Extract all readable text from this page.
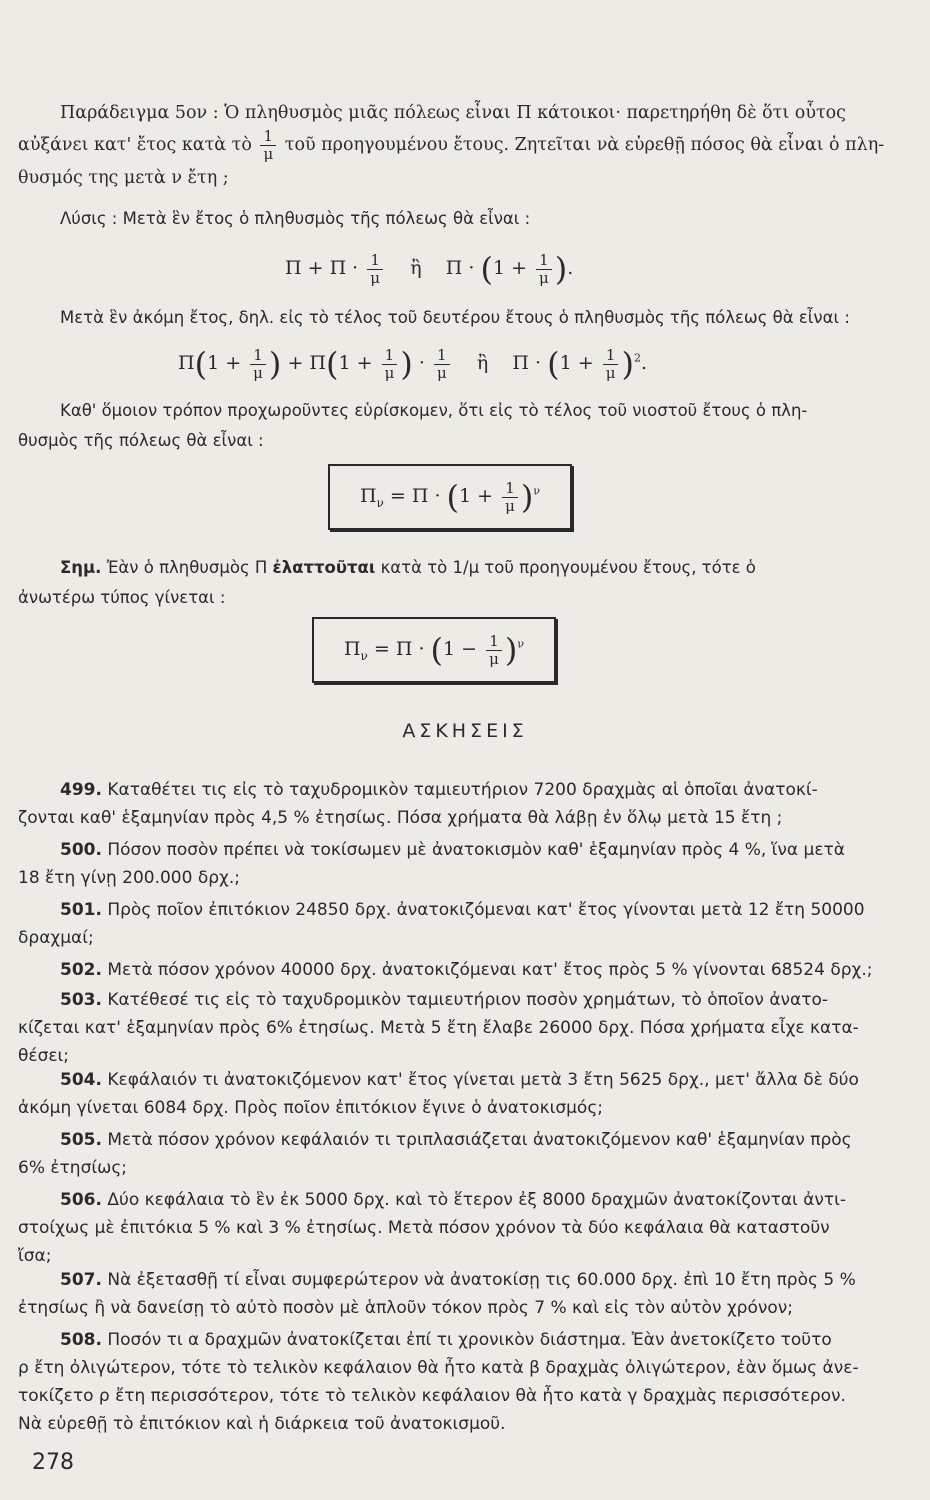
Παράδειγμα 5ον : Ὁ πληθυσμὸς μιᾶς πόλεως εἶναι Π κάτοικοι· παρετηρήθη δὲ ὅτι οὗτος
αὐξάνει κατ' ἔτος κατὰ τὸ $\frac{1}{\mu}$ τοῦ προηγουμένου ἔτους. Ζητεῖται νὰ εὑρεθῇ πόσος θὰ εἶναι ὁ πλη-
θυσμός της μετὰ ν ἔτη ;
Λύσις : Μετὰ ἓν ἔτος ὁ πληθυσμὸς τῆς πόλεως θὰ εἶναι :
$\Pi + \Pi \cdot \frac{1}{\mu}$ ἢ $\Pi \cdot (1 + \frac{1}{\mu}$ ).
Μετὰ ἓν ἀκόμη ἔτος, δηλ. εἰς τὸ τέλος τοῦ δευτέρου ἔτους ὁ πληθυσμὸς τῆς πόλεως θὰ εἶναι :
$\Pi(1 + \frac{1}{\mu}$ ) + $\Pi(1 + \frac{1}{\mu}$ ) · $\frac{1}{\mu}$ ἢ $\Pi \cdot (1 + \frac{1}{\mu} )^2$.
Καθ' ὅμοιον τρόπον προχωροῦντες εὑρίσκομεν, ὅτι εἰς τὸ τέλος τοῦ νιοστοῦ ἔτους ὁ πλη-
θυσμὸς τῆς πόλεως θὰ εἶναι :
$\Pi_\nu = \Pi \cdot (1 + \frac{1}{\mu} )^\nu$
Σημ. Ἐὰν ὁ πληθυσμὸς Π ἐλαττοῦται κατὰ τὸ 1/μ τοῦ προηγουμένου ἔτους, τότε ὁ
ἀνωτέρω τύπος γίνεται :
$\Pi_\nu = \Pi \cdot (1 - \frac{1}{\mu} )^\nu$
ΑΣΚΗΣΕΙΣ
499. Καταθέτει τις εἰς τὸ ταχυδρομικὸν ταμιευτήριον 7200 δραχμὰς αἱ ὁποῖαι ἀνατοκί-
ζονται καθ' ἑξαμηνίαν πρὸς 4,5 % ἐτησίως. Πόσα χρήματα θὰ λάβῃ ἐν ὅλῳ μετὰ 15 ἔτη ;
500. Πόσον ποσὸν πρέπει νὰ τοκίσωμεν μὲ ἀνατοκισμὸν καθ' ἑξαμηνίαν πρὸς 4 %, ἵνα μετὰ
18 ἔτη γίνῃ 200.000 δρχ.;
501. Πρὸς ποῖον ἐπιτόκιον 24850 δρχ. ἀνατοκιζόμεναι κατ' ἔτος γίνονται μετὰ 12 ἔτη 50000
δραχμαί;
502. Μετὰ πόσον χρόνον 40000 δρχ. ἀνατοκιζόμεναι κατ' ἔτος πρὸς 5 % γίνονται 68524 δρχ.;
503. Κατέθεσέ τις εἰς τὸ ταχυδρομικὸν ταμιευτήριον ποσὸν χρημάτων, τὸ ὁποῖον ἀνατο-
κίζεται κατ' ἑξαμηνίαν πρὸς 6% ἐτησίως. Μετὰ 5 ἔτη ἔλαβε 26000 δρχ. Πόσα χρήματα εἶχε κατα-
θέσει;
504. Κεφάλαιόν τι ἀνατοκιζόμενον κατ' ἔτος γίνεται μετὰ 3 ἔτη 5625 δρχ., μετ' ἄλλα δὲ δύο
ἀκόμη γίνεται 6084 δρχ. Πρὸς ποῖον ἐπιτόκιον ἔγινε ὁ ἀνατοκισμός;
505. Μετὰ πόσον χρόνον κεφάλαιόν τι τριπλασιάζεται ἀνατοκιζόμενον καθ' ἑξαμηνίαν πρὸς
6% ἐτησίως;
506. Δύο κεφάλαια τὸ ἓν ἐκ 5000 δρχ. καὶ τὸ ἕτερον ἐξ 8000 δραχμῶν ἀνατοκίζονται ἀντι-
στοίχως μὲ ἐπιτόκια 5 % καὶ 3 % ἐτησίως. Μετὰ πόσον χρόνον τὰ δύο κεφάλαια θὰ καταστοῦν
ἴσα;
507. Νὰ ἐξετασθῇ τί εἶναι συμφερώτερον νὰ ἀνατοκίσῃ τις 60.000 δρχ. ἐπὶ 10 ἔτη πρὸς 5 %
ἐτησίως ἢ νὰ δανείσῃ τὸ αὐτὸ ποσὸν μὲ ἁπλοῦν τόκον πρὸς 7 % καὶ εἰς τὸν αὐτὸν χρόνον;
508. Ποσόν τι α δραχμῶν ἀνατοκίζεται ἐπί τι χρονικὸν διάστημα. Ἐὰν ἀνετοκίζετο τοῦτο
ρ ἔτη ὀλιγώτερον, τότε τὸ τελικὸν κεφάλαιον θὰ ἦτο κατὰ β δραχμὰς ὀλιγώτερον, ἐὰν ὅμως ἀνε-
τοκίζετο ρ ἔτη περισσότερον, τότε τὸ τελικὸν κεφάλαιον θὰ ἦτο κατὰ γ δραχμὰς περισσότερον.
Νὰ εὑρεθῇ τὸ ἐπιτόκιον καὶ ἡ διάρκεια τοῦ ἀνατοκισμοῦ.
278
